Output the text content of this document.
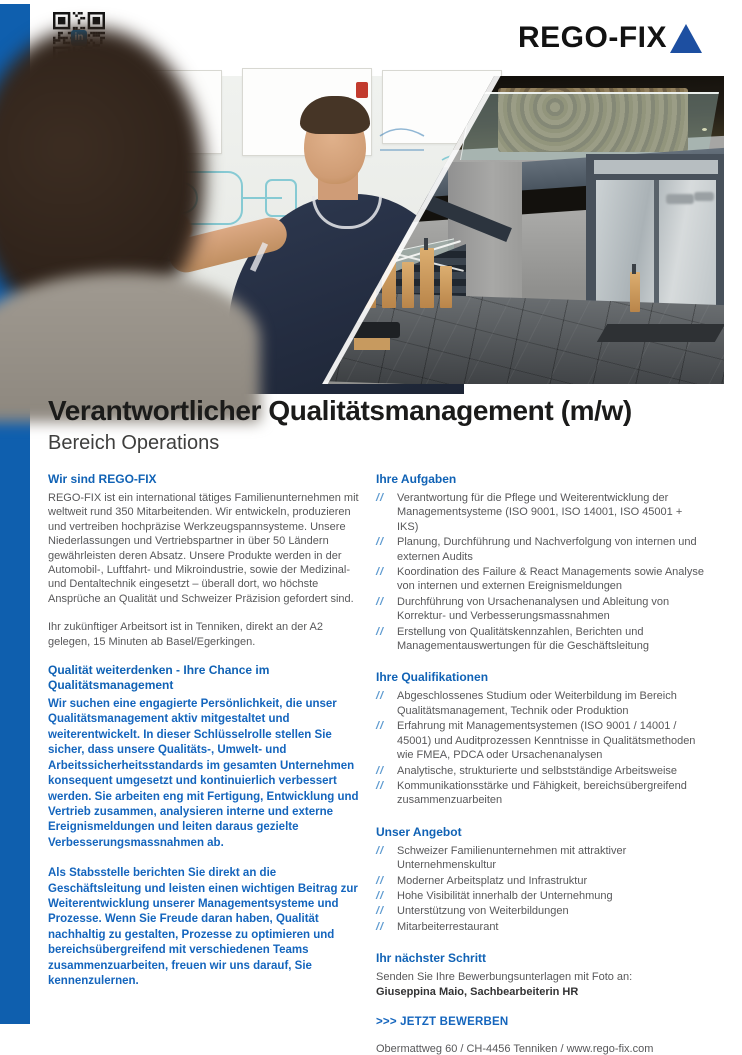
REGO-FIX
Verantwortlicher Qualitätsmanagement (m/w)
Bereich Operations
Wir sind REGO-FIX

REGO-FIX ist ein international tätiges Familienunternehmen mit weltweit rund 350 Mitarbeitenden. Wir entwickeln, produzieren und vertreiben hochpräzise Werkzeugspannsysteme. Unsere Niederlassungen und Vertriebspartner in über 50 Ländern gewährleisten deren Absatz. Unsere Produkte werden in der Automobil-, Luftfahrt- und Mikroindustrie, sowie der Medizinal- und Dentaltechnik eingesetzt – überall dort, wo höchste Ansprüche an Qualität und Schweizer Präzision gefordert sind.

Ihr zukünftiger Arbeitsort ist in Tenniken, direkt an der A2 gelegen, 15 Minuten ab Basel/Egerkingen.

Qualität weiterdenken - Ihre Chance im Qualitätsmanagement

Wir suchen eine engagierte Persönlichkeit, die unser Qualitätsmanagement aktiv mitgestaltet und weiterentwickelt. In dieser Schlüsselrolle stellen Sie sicher, dass unsere Qualitäts-, Umwelt- und Arbeitssicherheitsstandards im gesamten Unternehmen konsequent umgesetzt und kontinuierlich verbessert werden. Sie arbeiten eng mit Fertigung, Entwicklung und Vertrieb zusammen, analysieren interne und externe Ereignismeldungen und leiten daraus gezielte Verbesserungsmassnahmen ab.

Als Stabsstelle berichten Sie direkt an die Geschäftsleitung und leisten einen wichtigen Beitrag zur Weiterentwicklung unserer Managementsysteme und Prozesse. Wenn Sie Freude daran haben, Qualität nachhaltig zu gestalten, Prozesse zu optimieren und bereichsübergreifend mit verschiedenen Teams zusammenzuarbeiten, freuen wir uns darauf, Sie kennenzulernen.

Ihre Aufgaben
//	Verantwortung für die Pflege und Weiterentwicklung der Managementsysteme (ISO 9001, ISO 14001, ISO 45001 + IKS)
//	Planung, Durchführung und Nachverfolgung von internen und externen Audits
//	Koordination des Failure & React Managements sowie Analyse von internen und externen Ereignismeldungen
//	Durchführung von Ursachenanalysen und Ableitung von Korrektur- und Verbesserungsmassnahmen
//	Erstellung von Qualitätskennzahlen, Berichten und Managementauswertungen für die Geschäftsleitung
Ihre Qualifikationen
//	Abgeschlossenes Studium oder Weiterbildung im Bereich Qualitätsmanagement, Technik oder Produktion
//	Erfahrung mit Managementsystemen (ISO 9001 / 14001 / 45001) und Auditprozessen Kenntnisse in Qualitätsmethoden wie FMEA, PDCA oder Ursachenanalysen
//	Analytische, strukturierte und selbstständige Arbeitsweise
//	Kommunikationsstärke und Fähigkeit, bereichsübergreifend zusammenzuarbeiten
Unser Angebot
//	Schweizer Familienunternehmen mit attraktiver Unternehmenskultur
//	Moderner Arbeitsplatz und Infrastruktur
//	Hohe Visibilität innerhalb der Unternehmung
//	Unterstützung von Weiterbildungen
//	Mitarbeiterrestaurant
Ihr nächster Schritt

Senden Sie Ihre Bewerbungsunterlagen mit Foto an:

Giuseppina Maio, Sachbearbeiterin HR

>>> JETZT BEWERBEN
Obermattweg 60 / CH-4456 Tenniken / www.rego-fix.com
